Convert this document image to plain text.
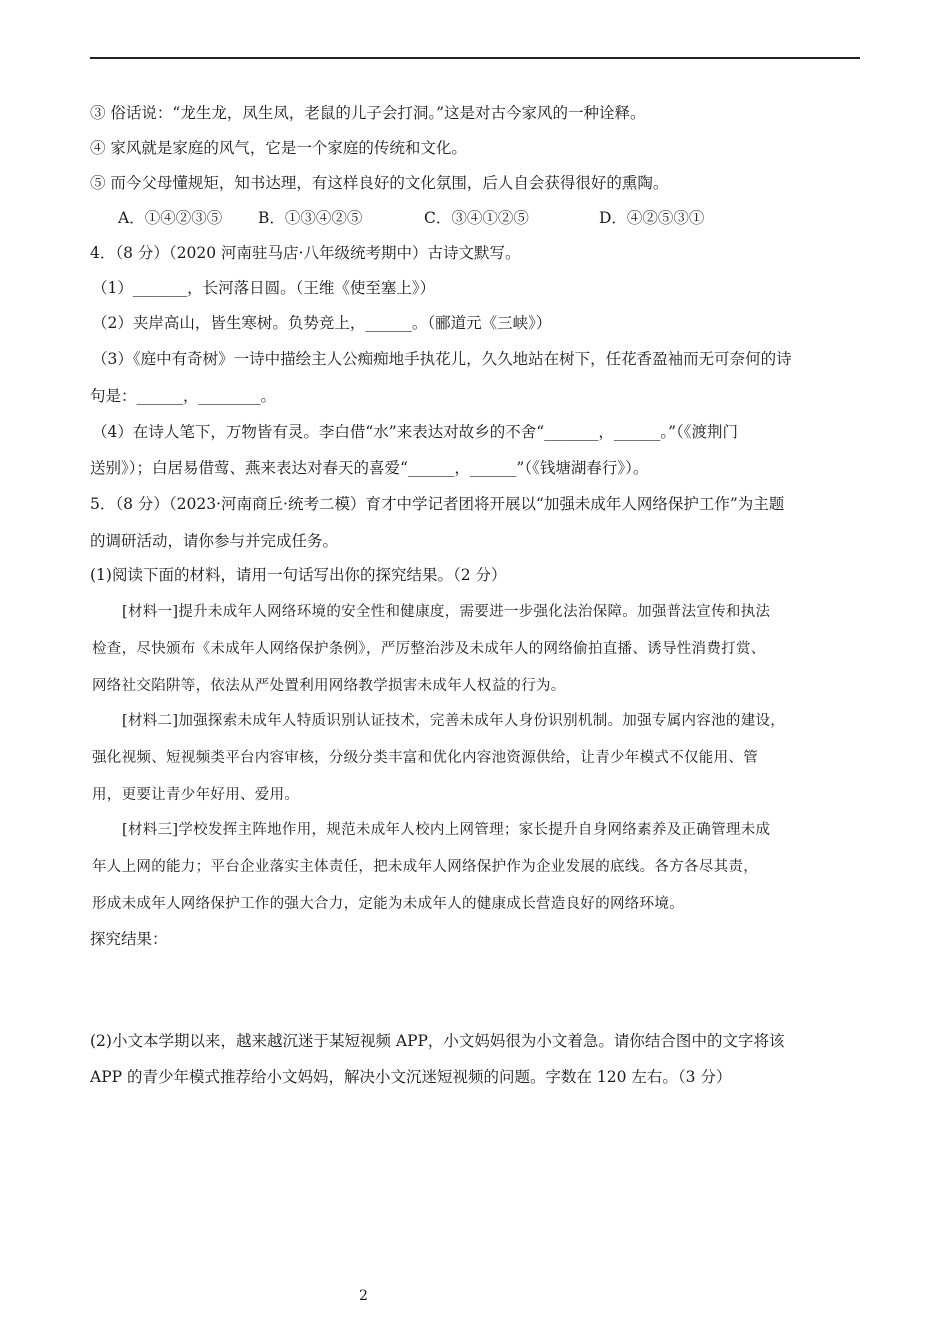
③ 俗话说：“龙生龙，凤生凤，老鼠的儿子会打洞。”这是对古今家风的一种诠释。
④ 家风就是家庭的风气，它是一个家庭的传统和文化。
⑤ 而今父母懂规矩，知书达理，有这样良好的文化氛围，后人自会获得很好的熏陶。
A．①④②③⑤ B．①③④②⑤	C．③④①②⑤	D．④②⑤③①
4．（8 分）（2020 河南驻马店·八年级统考期中）古诗文默写。
（1）_______，长河落日圆。（王维《使至塞上》）
（2）夹岸高山，皆生寒树。负势竞上，______。（郦道元《三峡》）
（3）《庭中有奇树》一诗中描绘主人公痴痴地手执花儿，久久地站在树下，任花香盈袖而无可奈何的诗
句是：______，________。
（4）在诗人笔下，万物皆有灵。李白借“水”来表达对故乡的不舍“_______，______。”（《渡荆门
送别》）；白居易借莺、燕来表达对春天的喜爱“______，______”（《钱塘湖春行》）。
5．（8 分）（2023·河南商丘·统考二模）育才中学记者团将开展以“加强未成年人网络保护工作”为主题
的调研活动，请你参与并完成任务。
(1)阅读下面的材料，请用一句话写出你的探究结果。（2 分）
[材料一]提升未成年人网络环境的安全性和健康度，需要进一步强化法治保障。加强普法宣传和执法
检查，尽快颁布《未成年人网络保护条例》，严厉整治涉及未成年人的网络偷拍直播、诱导性消费打赏、
网络社交陷阱等，依法从严处置利用网络教学损害未成年人权益的行为。
[材料二]加强探索未成年人特质识别认证技术，完善未成年人身份识别机制。加强专属内容池的建设，
强化视频、短视频类平台内容审核，分级分类丰富和优化内容池资源供给，让青少年模式不仅能用、管
用，更要让青少年好用、爱用。
[材料三]学校发挥主阵地作用，规范未成年人校内上网管理；家长提升自身网络素养及正确管理未成
年人上网的能力；平台企业落实主体责任，把未成年人网络保护作为企业发展的底线。各方各尽其责，
形成未成年人网络保护工作的强大合力，定能为未成年人的健康成长营造良好的网络环境。
探究结果：
(2)小文本学期以来，越来越沉迷于某短视频 APP，小文妈妈很为小文着急。请你结合图中的文字将该
APP 的青少年模式推荐给小文妈妈，解决小文沉迷短视频的问题。字数在 120 左右。（3 分）
2
